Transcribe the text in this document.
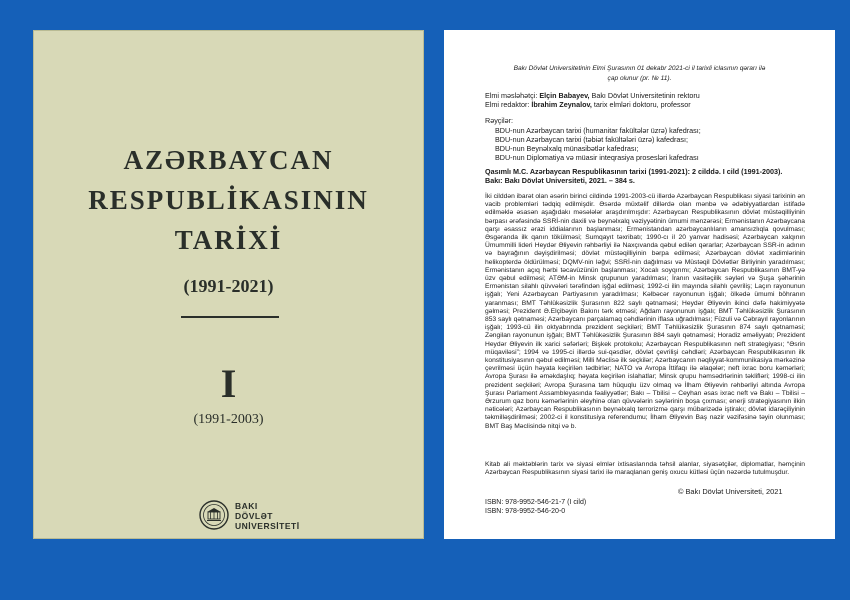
AZƏRBAYCAN
RESPUBLİKASININ
TARİXİ
(1991-2021)
I
(1991-2003)
BAKI
DÖVLƏT
UNİVERSİTETİ
Bakı Dövlət Universitetinin Elmi Şurasının 01 dekabr 2021-ci il tarixli iclasının qərarı ilə
çap olunur (pr. № 11).
Elmi məsləhətçi: Elçin Babayev, Bakı Dövlət Universitetinin rektoru
Elmi redaktor: İbrahim Zeynalov, tarix elmləri doktoru, professor
Rəyçilər:
BDU-nun Azərbaycan tarixi (humanitar fakültələr üzrə) kafedrası;
BDU-nun Azərbaycan tarixi (təbiət fakültələri üzrə) kafedrası;
BDU-nun Beynəlxalq münasibətlər kafedrası;
BDU-nun Diplomatiya və müasir inteqrasiya prosesləri kafedrası
Qasımlı M.C. Azərbaycan Respublikasının tarixi (1991-2021): 2 cilddə. I cild (1991-2003).
Bakı: Bakı Dövlət Universiteti, 2021. – 384 s.
İki cilddən ibarət olan əsərin birinci cildində 1991-2003-cü illərdə Azərbaycan Respublikası siyasi tarixinin ən vacib problemləri tədqiq edilmişdir. Əsərdə müxtəlif dillərdə olan mənbə və ədəbiyyatlardan istifadə edilməklə əsasən aşağıdakı məsələlər araşdırılmışdır: Azərbaycan Respublikasının dövlət müstəqilliyinin bərpası ərəfəsində SSRİ-nin daxili və beynəlxalq vəziyyətinin ümumi mənzərəsi; Ermənistanın Azərbaycana qarşı əsassız ərazi iddialarının başlanması; Ermənistandan azərbaycanlıların amansızlıqla qovulması; Əsgəranda ilk qanın tökülməsi; Sumqayıt təxribatı; 1990-cı il 20 yanvar hadisəsi; Azərbaycan xalqının Ümummilli lideri Heydər Əliyevin rəhbərliyi ilə Naxçıvanda qəbul edilən qərarlar; Azərbaycan SSR-in adının və bayrağının dəyişdirilməsi; dövlət müstəqilliyinin bərpa edilməsi; Azərbaycan dövlət xadimlərinin helikopterdə öldürülməsi; DQMV-nin ləğvi; SSRİ-nin dağılması və Müstəqil Dövlətlər Birliyinin yaradılması; Ermənistanın açıq hərbi təcavüzünün başlanması; Xocalı soyqırımı; Azərbaycan Respublikasının BMT-yə üzv qəbul edilməsi; ATƏM-in Minsk qrupunun yaradılması; İranın vasitəçilik səyləri və Şuşa şəhərinin Ermənistan silahlı qüvvələri tərəfindən işğal edilməsi; 1992-ci ilin mayında silahlı çevriliş; Laçın rayonunun işğalı; Yeni Azərbaycan Partiyasının yaradılması; Kəlbəcər rayonunun işğalı; ölkədə ümumi böhranın yaranması; BMT Təhlükəsizlik Şurasının 822 saylı qətnaməsi; Heydər Əliyevin ikinci dəfə hakimiyyətə gəlməsi; Prezident Ə.Elçibəyin Bakını tərk etməsi; Ağdam rayonunun işğalı; BMT Təhlükəsizlik Şurasının 853 saylı qətnaməsi; Azərbaycanı parçalamaq cəhdlərinin iflasa uğradılması; Füzuli və Cəbrayıl rayonlarının işğalı; 1993-cü ilin oktyabrında prezident seçkiləri; BMT Təhlükəsizlik Şurasının 874 saylı qətnaməsi; Zəngilan rayonunun işğalı; BMT Təhlükəsizlik Şurasının 884 saylı qətnaməsi; Horadiz əməliyyatı; Prezident Heydər Əliyevin ilk xarici səfərləri; Bişkek protokolu; Azərbaycan Respublikasının neft strategiyası; “Əsrin müqaviləsi”; 1994 və 1995-ci illərdə sui-qəsdlər, dövlət çevrilişi cəhdləri; Azərbaycan Respublikasının ilk konstitusiyasının qəbul edilməsi; Milli Məclisə ilk seçkilər; Azərbaycanın nəqliyyat-kommunikasiya mərkəzinə çevrilməsi üçün həyata keçirilən tədbirlər; NATO və Avropa İttifaqı ilə əlaqələr; neft ixrac boru kəmərləri; Avropa Şurası ilə əməkdaşlıq; həyata keçirilən islahatlar; Minsk qrupu həmsədrlərinin təklifləri; 1998-ci ilin prezident seçkiləri; Avropa Şurasına tam hüquqlu üzv olmaq və İlham Əliyevin rəhbərliyi altında Avropa Şurası Parlament Assambleyasında fəaliyyətlər; Bakı – Tbilisi – Ceyhan əsas ixrac neft və Bakı – Tbilisi – Ərzurum qaz boru kəmərlərinin əleyhinə olan qüvvələrin səylərinin boşa çıxması; enerji strategiyasının ilkin nəticələri; Azərbaycan Respublikasının beynəlxalq terrorizmə qarşı mübarizədə iştirakı; dövlət idarəçiliyinin təkmilləşdirilməsi; 2002-ci il konstitusiya referendumu; İlham Əliyevin Baş nazir vəzifəsinə təyin olunması; BMT Baş Məclisində nitqi və b.
Kitab ali məktəblərin tarix və siyasi elmlər ixtisaslarında təhsil alanlar, siyasətçilər, diplomatlar, həmçinin Azərbaycan Respublikasının siyasi tarixi ilə maraqlanan geniş oxucu kütləsi üçün nəzərdə tutulmuşdur.
ISBN: 978-9952-546-21-7 (I cild)
ISBN: 978-9952-546-20-0
© Bakı Dövlət Universiteti, 2021
